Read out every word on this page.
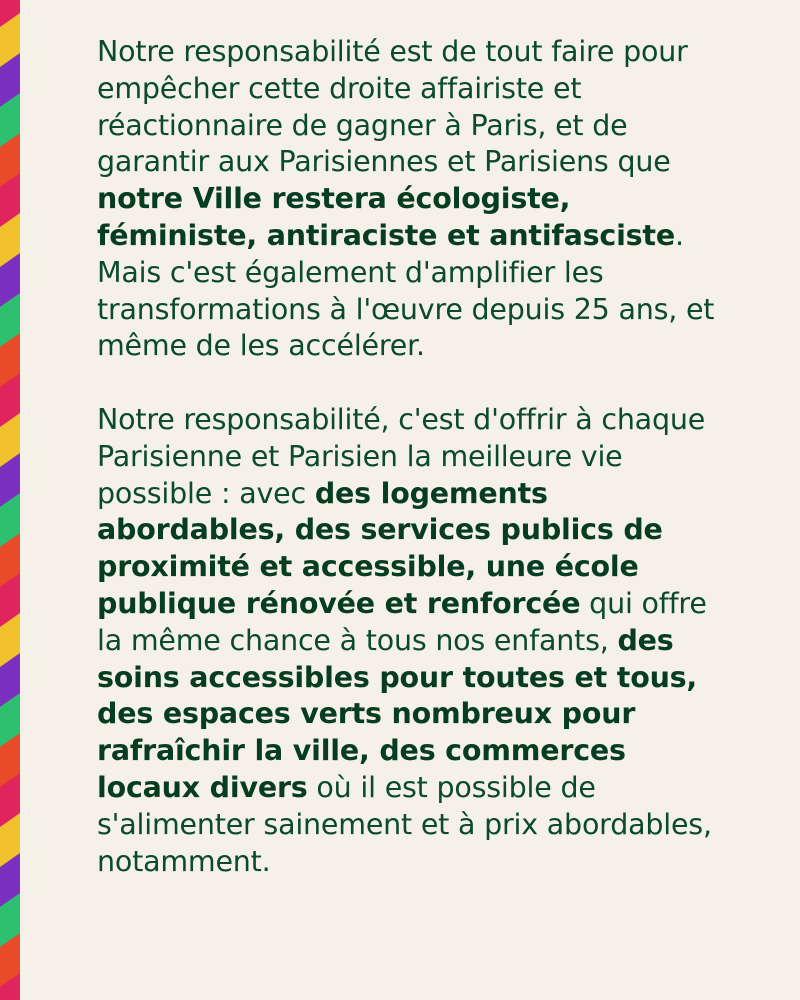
Notre responsabilité est de tout faire pour empêcher cette droite affairiste et réactionnaire de gagner à Paris, et de garantir aux Parisiennes et Parisiens que notre Ville restera écologiste, féministe, antiraciste et antifasciste. Mais c'est également d'amplifier les transformations à l'œuvre depuis 25 ans, et même de les accélérer.

Notre responsabilité, c'est d'offrir à chaque Parisienne et Parisien la meilleure vie possible : avec des logements abordables, des services publics de proximité et accessible, une école publique rénovée et renforcée qui offre la même chance à tous nos enfants, des soins accessibles pour toutes et tous, des espaces verts nombreux pour rafraîchir la ville, des commerces locaux divers où il est possible de s'alimenter sainement et à prix abordables, notamment.
